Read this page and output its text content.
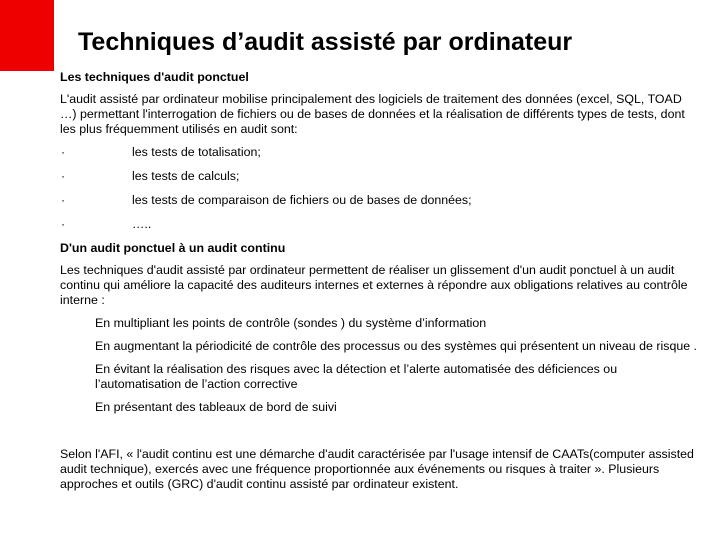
Techniques d’audit assisté par ordinateur
Les techniques d'audit ponctuel
L'audit assisté par ordinateur mobilise principalement des logiciels de traitement des données (excel, SQL, TOAD …) permettant l'interrogation de fichiers ou de bases de données et la réalisation de différents types de tests, dont les plus fréquemment utilisés en audit sont:
·	les tests de totalisation;
·	les tests de calculs;
·	les tests de comparaison de fichiers ou de bases de données;
·	…..
D'un audit ponctuel à un audit continu
Les techniques d'audit assisté par ordinateur permettent de réaliser un glissement d'un audit ponctuel à un audit continu qui améliore la capacité des auditeurs internes et externes à répondre aux obligations relatives au contrôle interne :
En multipliant les points de contrôle (sondes ) du système d’information
En augmentant la périodicité de contrôle des processus ou des systèmes qui présentent un niveau de risque .
En évitant la réalisation des risques avec la détection et l’alerte automatisée des déficiences ou l’automatisation de l’action corrective
En présentant des tableaux de bord de suivi
Selon l'AFI, « l'audit continu est une démarche d'audit caractérisée par l'usage intensif de CAATs(computer assisted audit technique), exercés avec une fréquence proportionnée aux événements ou risques à traiter ». Plusieurs approches et outils (GRC) d'audit continu assisté par ordinateur existent.
